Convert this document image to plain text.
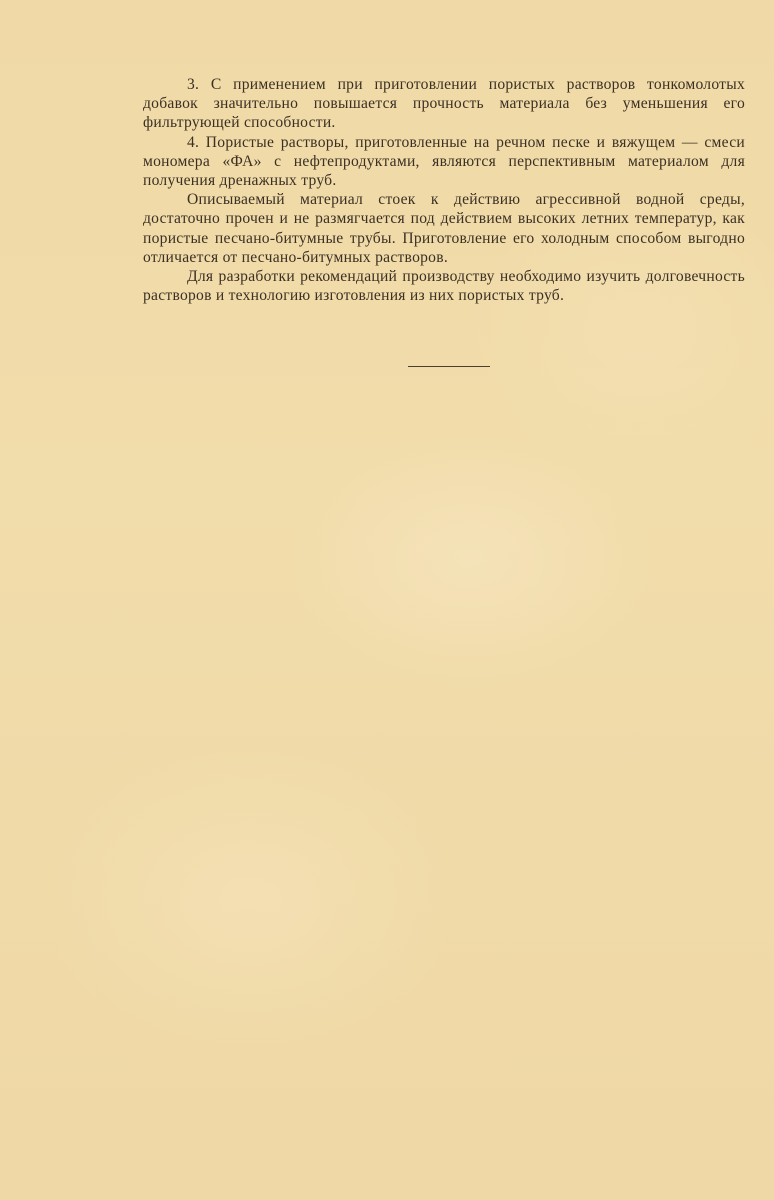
3. С применением при приготовлении пористых растворов тонкомолотых добавок значительно повышается прочность материала без уменьшения его фильтрующей способности.

4. Пористые растворы, приготовленные на речном песке и вяжущем — смеси мономера «ФА» с нефтепродуктами, являются перспективным материалом для получения дренажных труб.

Описываемый материал стоек к действию агрессивной водной среды, достаточно прочен и не размягчается под действием высоких летних температур, как пористые песчано-битумные трубы. Приготовление его холодным способом выгодно отличается от песчано-битумных растворов.

Для разработки рекомендаций производству необходимо изучить долговечность растворов и технологию изготовления из них пористых труб.
